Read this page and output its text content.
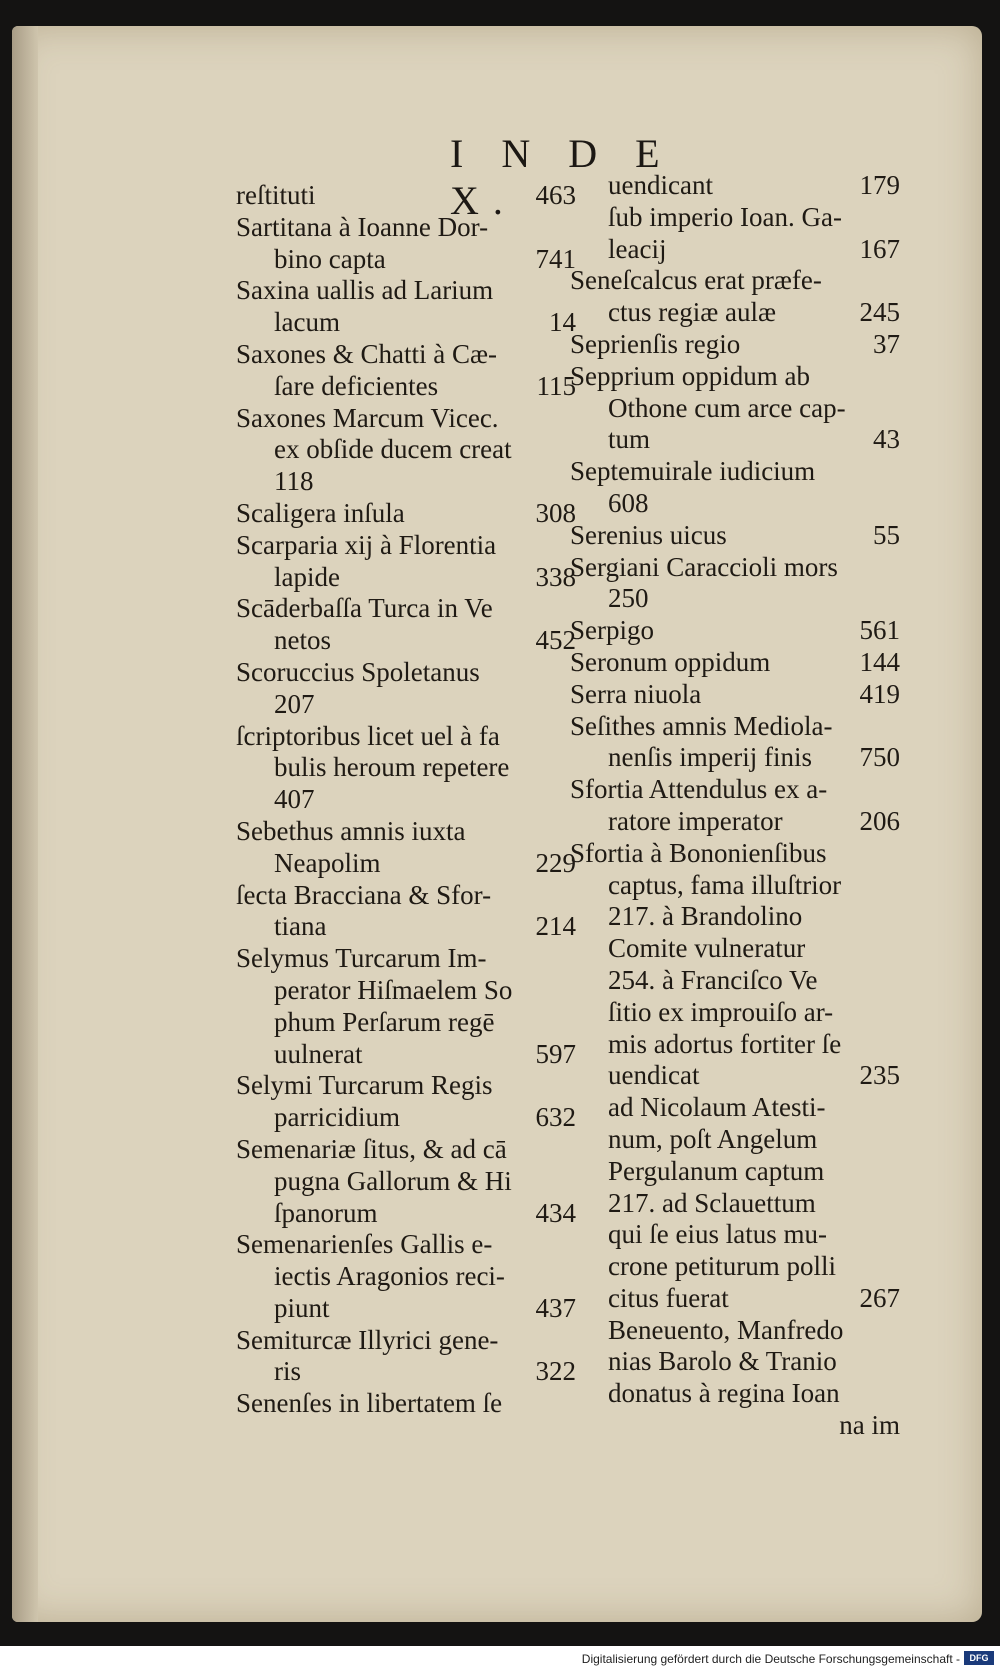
I N D E X.
reſtituti	463
Sartitana à Ioanne Dor-
bino capta	741
Saxina uallis ad Larium
lacum	14
Saxones & Chatti à Cæ-
ſare deficientes	115
Saxones Marcum Vicec.
ex obſide ducem creat
118
Scaligera inſula	308
Scarparia xij à Florentia
lapide	338
Scāderbaſſa Turca in Ve
netos	452
Scoruccius Spoletanus
207
ſcriptoribus licet uel à fa
bulis heroum repetere
407
Sebethus amnis iuxta
Neapolim	229
ſecta Bracciana & Sfor-
tiana	214
Selymus Turcarum Im-
perator Hiſmaelem So
phum Perſarum regē
uulnerat	597
Selymi Turcarum Regis
parricidium	632
Semenariæ ſitus, & ad cā
pugna Gallorum & Hi
ſpanorum	434
Semenarienſes Gallis e-
iectis Aragonios reci-
piunt	437
Semiturcæ Illyrici gene-
ris	322
Senenſes in libertatem ſe
uendicant	179
ſub imperio Ioan. Ga-
leacij	167
Seneſcalcus erat præfe-
ctus regiæ aulæ	245
Seprienſis regio	37
Sepprium oppidum ab
Othone cum arce cap-
tum	43
Septemuirale iudicium
608
Serenius uicus	55
Sergiani Caraccioli mors
250
Serpigo	561
Seronum oppidum	144
Serra niuola	419
Seſithes amnis Mediola-
nenſis imperij finis 750
Sfortia Attendulus ex a-
ratore imperator	206
Sfortia à Bononienſibus
captus, fama illuſtrior
217. à Brandolino
Comite vulneratur
254. à Franciſco Ve
ſitio ex improuiſo ar-
mis adortus fortiter ſe
uendicat	235
ad Nicolaum Atesti-
num, poſt Angelum
Pergulanum captum
217. ad Sclauettum
qui ſe eius latus mu-
crone petiturum polli
citus fuerat	267
Beneuento, Manfredo
nias Barolo & Tranio
donatus à regina Ioan
na im
Digitalisierung gefördert durch die Deutsche Forschungsgemeinschaft -	DFG
